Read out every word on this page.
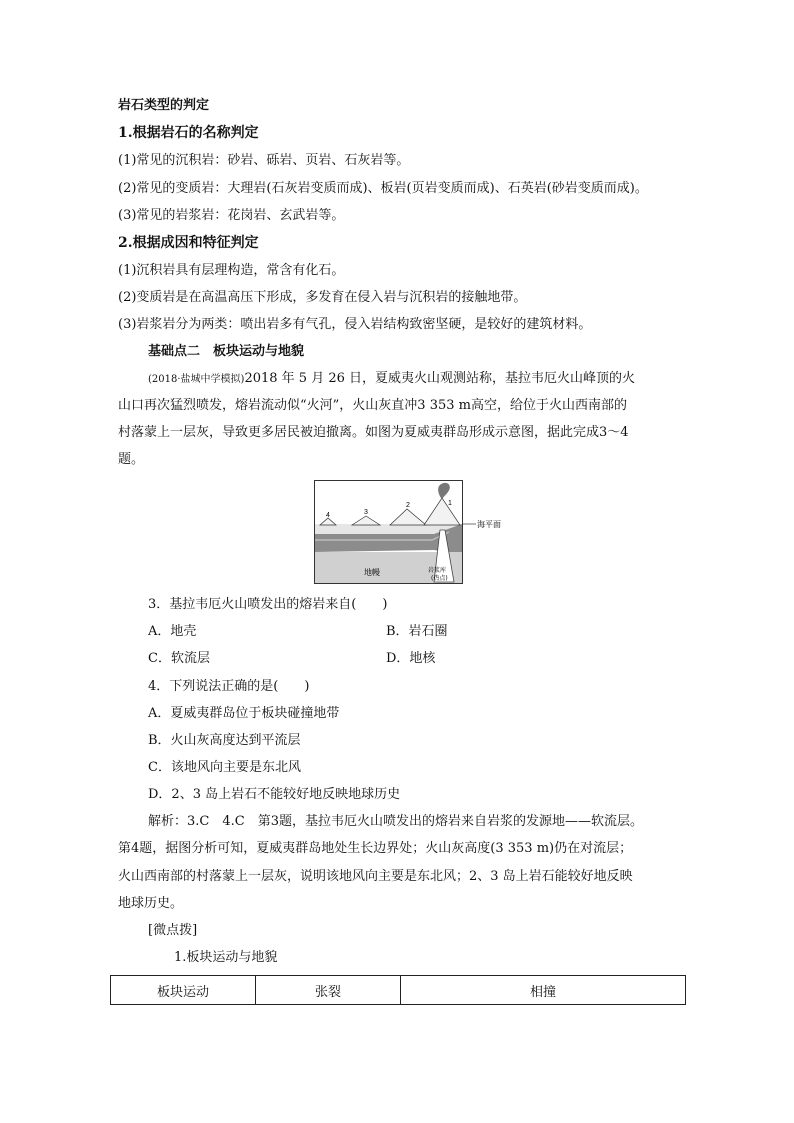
岩石类型的判定
1.根据岩石的名称判定
(1)常见的沉积岩：砂岩、砾岩、页岩、石灰岩等。
(2)常见的变质岩：大理岩(石灰岩变质而成)、板岩(页岩变质而成)、石英岩(砂岩变质而成)。
(3)常见的岩浆岩：花岗岩、玄武岩等。
2.根据成因和特征判定
(1)沉积岩具有层理构造，常含有化石。
(2)变质岩是在高温高压下形成，多发育在侵入岩与沉积岩的接触地带。
(3)岩浆岩分为两类：喷出岩多有气孔，侵入岩结构致密坚硬，是较好的建筑材料。
基础点二　板块运动与地貌
(2018·盐城中学模拟)2018 年 5 月 26 日，夏威夷火山观测站称，基拉韦厄火山峰顶的火
山口再次猛烈喷发，熔岩流动似“火河”，火山灰直冲3 353 m高空，给位于火山西南部的
村落蒙上一层灰，导致更多居民被迫撤离。如图为夏威夷群岛形成示意图，据此完成3～4
题。
4	3
2	1
海平面
地幔	岩浆库
(热点)
3．基拉韦厄火山喷发出的熔岩来自(　　)
A．地壳	B．岩石圈
C．软流层	D．地核
4．下列说法正确的是(　　)
A．夏威夷群岛位于板块碰撞地带
B．火山灰高度达到平流层
C．该地风向主要是东北风
D．2、3 岛上岩石不能较好地反映地球历史
解析：3.C　4.C　第3题，基拉韦厄火山喷发出的熔岩来自岩浆的发源地——软流层。
第4题，据图分析可知，夏威夷群岛地处生长边界处；火山灰高度(3 353 m)仍在对流层；
火山西南部的村落蒙上一层灰，说明该地风向主要是东北风；2、3 岛上岩石能较好地反映
地球历史。
[微点拨]
1.板块运动与地貌
板块运动	张裂	相撞
